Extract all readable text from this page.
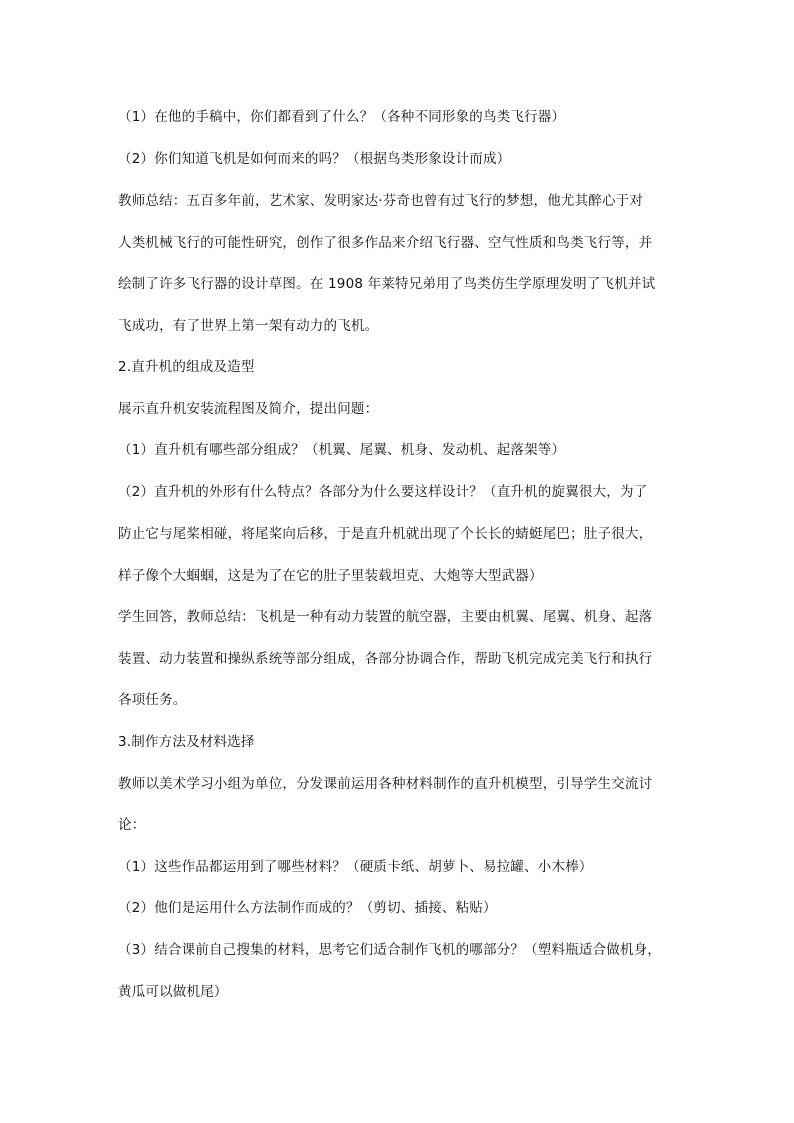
（1）在他的手稿中，你们都看到了什么？（各种不同形象的鸟类飞行器）
（2）你们知道飞机是如何而来的吗？（根据鸟类形象设计而成）
教师总结：五百多年前，艺术家、发明家达·芬奇也曾有过飞行的梦想，他尤其醉心于对
人类机械飞行的可能性研究，创作了很多作品来介绍飞行器、空气性质和鸟类飞行等，并
绘制了许多飞行器的设计草图。在 1908 年莱特兄弟用了鸟类仿生学原理发明了飞机并试
飞成功，有了世界上第一架有动力的飞机。
2.直升机的组成及造型
展示直升机安装流程图及简介，提出问题：
（1）直升机有哪些部分组成？（机翼、尾翼、机身、发动机、起落架等）
（2）直升机的外形有什么特点？各部分为什么要这样设计？（直升机的旋翼很大，为了
防止它与尾桨相碰，将尾桨向后移，于是直升机就出现了个长长的蜻蜓尾巴；肚子很大，
样子像个大蝈蝈，这是为了在它的肚子里装载坦克、大炮等大型武器）
学生回答，教师总结：飞机是一种有动力装置的航空器，主要由机翼、尾翼、机身、起落
装置、动力装置和操纵系统等部分组成，各部分协调合作，帮助飞机完成完美飞行和执行
各项任务。
3.制作方法及材料选择
教师以美术学习小组为单位，分发课前运用各种材料制作的直升机模型，引导学生交流讨
论：
（1）这些作品都运用到了哪些材料？（硬质卡纸、胡萝卜、易拉罐、小木棒）
（2）他们是运用什么方法制作而成的？（剪切、插接、粘贴）
（3）结合课前自己搜集的材料，思考它们适合制作飞机的哪部分？（塑料瓶适合做机身，
黄瓜可以做机尾）
